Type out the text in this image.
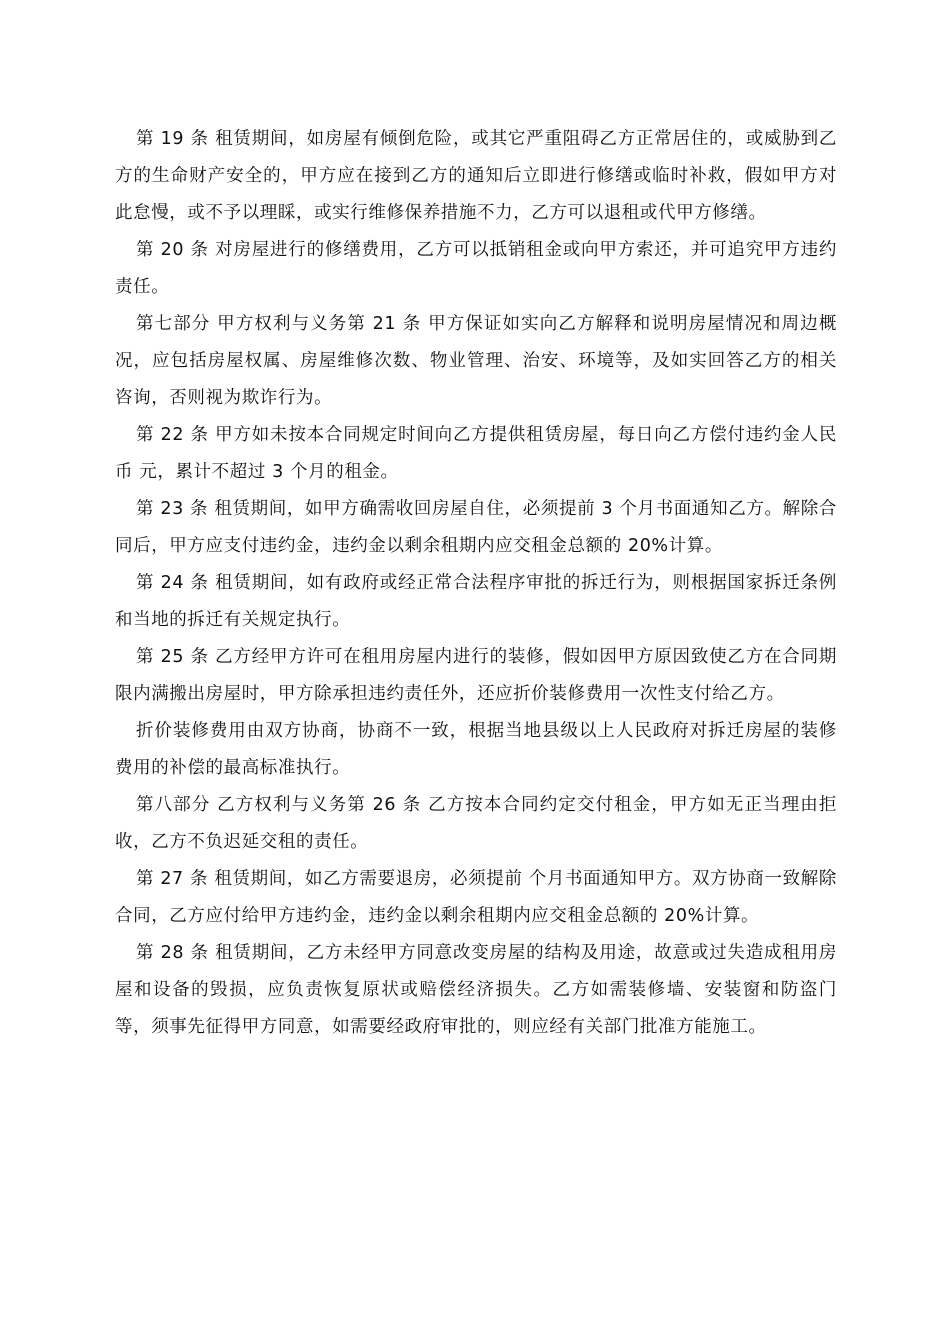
第 19 条 租赁期间，如房屋有倾倒危险，或其它严重阻碍乙方正常居住的，或威胁到乙方的生命财产安全的，甲方应在接到乙方的通知后立即进行修缮或临时补救，假如甲方对此怠慢，或不予以理睬，或实行维修保养措施不力，乙方可以退租或代甲方修缮。

第 20 条 对房屋进行的修缮费用，乙方可以抵销租金或向甲方索还，并可追究甲方违约责任。

第七部分 甲方权利与义务第 21 条 甲方保证如实向乙方解释和说明房屋情况和周边概况，应包括房屋权属、房屋维修次数、物业管理、治安、环境等，及如实回答乙方的相关咨询，否则视为欺诈行为。

第 22 条 甲方如未按本合同规定时间向乙方提供租赁房屋，每日向乙方偿付违约金人民币 元，累计不超过 3 个月的租金。

第 23 条 租赁期间，如甲方确需收回房屋自住，必须提前 3 个月书面通知乙方。解除合同后，甲方应支付违约金，违约金以剩余租期内应交租金总额的 20%计算。

第 24 条 租赁期间，如有政府或经正常合法程序审批的拆迁行为，则根据国家拆迁条例和当地的拆迁有关规定执行。

第 25 条 乙方经甲方许可在租用房屋内进行的装修，假如因甲方原因致使乙方在合同期限内满搬出房屋时，甲方除承担违约责任外，还应折价装修费用一次性支付给乙方。

折价装修费用由双方协商，协商不一致，根据当地县级以上人民政府对拆迁房屋的装修费用的补偿的最高标准执行。

第八部分 乙方权利与义务第 26 条 乙方按本合同约定交付租金，甲方如无正当理由拒收，乙方不负迟延交租的责任。

第 27 条 租赁期间，如乙方需要退房，必须提前 个月书面通知甲方。双方协商一致解除合同，乙方应付给甲方违约金，违约金以剩余租期内应交租金总额的 20%计算。

第 28 条 租赁期间，乙方未经甲方同意改变房屋的结构及用途，故意或过失造成租用房屋和设备的毁损，应负责恢复原状或赔偿经济损失。乙方如需装修墙、安装窗和防盗门等，须事先征得甲方同意，如需要经政府审批的，则应经有关部门批准方能施工。
